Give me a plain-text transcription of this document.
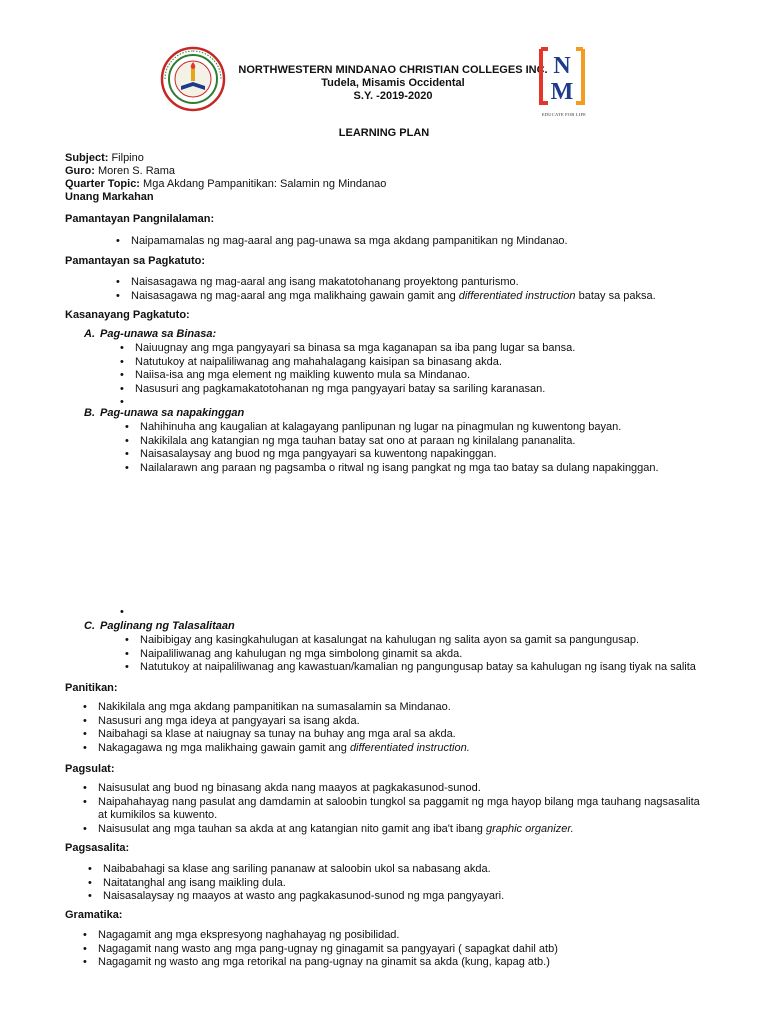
NORTHWESTERN MINDANAO CHRISTIAN COLLEGES INC.
Tudela, Misamis Occidental
S.Y. -2019-2020
N
M
EDUCATE FOR LIFE
LEARNING PLAN
Subject: Filpino
Guro: Moren S. Rama
Quarter Topic: Mga Akdang Pampanitikan: Salamin ng Mindanao
Unang Markahan
Pamantayan Pangnilalaman:
• Naipamamalas ng mag-aaral ang pag-unawa sa mga akdang pampanitikan ng Mindanao.
Pamantayan sa Pagkatuto:
• Naisasagawa ng mag-aaral ang isang makatotohanang proyektong panturismo.
• Naisasagawa ng mag-aaral ang mga malikhaing gawain gamit ang differentiated instruction batay sa paksa.
Kasanayang Pagkatuto:
A. Pag-unawa sa Binasa:
• Naiuugnay ang mga pangyayari sa binasa sa mga kaganapan sa iba pang lugar sa bansa.
• Natutukoy at naipaliliwanag ang mahahalagang kaisipan sa binasang akda.
• Naiisa-isa ang mga element ng maikling kuwento mula sa Mindanao.
• Nasusuri ang pagkamakatotohanan ng mga pangyayari batay sa sariling karanasan.
B. Pag-unawa sa napakinggan
• Nahihinuha ang kaugalian at kalagayang panlipunan ng lugar na pinagmulan ng kuwentong bayan.
• Nakikilala ang katangian ng mga tauhan batay sat ono at paraan ng kinilalang pananalita.
• Naisasalaysay ang buod ng mga pangyayari sa kuwentong napakinggan.
• Nailalarawn ang paraan ng pagsamba o ritwal ng isang pangkat ng mga tao batay sa dulang napakinggan.
C. Paglinang ng Talasalitaan
• Naibibigay ang kasingkahulugan at kasalungat na kahulugan ng salita ayon sa gamit sa pangungusap.
• Naipaliliwanag ang kahulugan ng mga simbolong ginamit sa akda.
• Natutukoy at naipaliliwanag ang kawastuan/kamalian ng pangungusap batay sa kahulugan ng isang tiyak na salita
Panitikan:
• Nakikilala ang mga akdang pampanitikan na sumasalamin sa Mindanao.
• Nasusuri ang mga ideya at pangyayari sa isang akda.
• Naibahagi sa klase at naiugnay sa tunay na buhay ang mga aral sa akda.
• Nakagagawa ng mga malikhaing gawain gamit ang differentiated instruction.
Pagsulat:
• Naisusulat ang buod ng binasang akda nang maayos at pagkakasunod-sunod.
• Naipahahayag nang pasulat ang damdamin at saloobin tungkol sa paggamit ng mga hayop bilang mga tauhang nagsasalita
at kumikilos sa kuwento.
• Naisusulat ang mga tauhan sa akda at ang katangian nito gamit ang iba't ibang graphic organizer.
Pagsasalita:
• Naibabahagi sa klase ang sariling pananaw at saloobin ukol sa nabasang akda.
• Naitatanghal ang isang maikling dula.
• Naisasalaysay ng maayos at wasto ang pagkakasunod-sunod ng mga pangyayari.
Gramatika:
• Nagagamit ang mga ekspresyong naghahayag ng posibilidad.
• Nagagamit nang wasto ang mga pang-ugnay ng ginagamit sa pangyayari ( sapagkat dahil atb)
• Nagagamit ng wasto ang mga retorikal na pang-ugnay na ginamit sa akda (kung, kapag atb.)
